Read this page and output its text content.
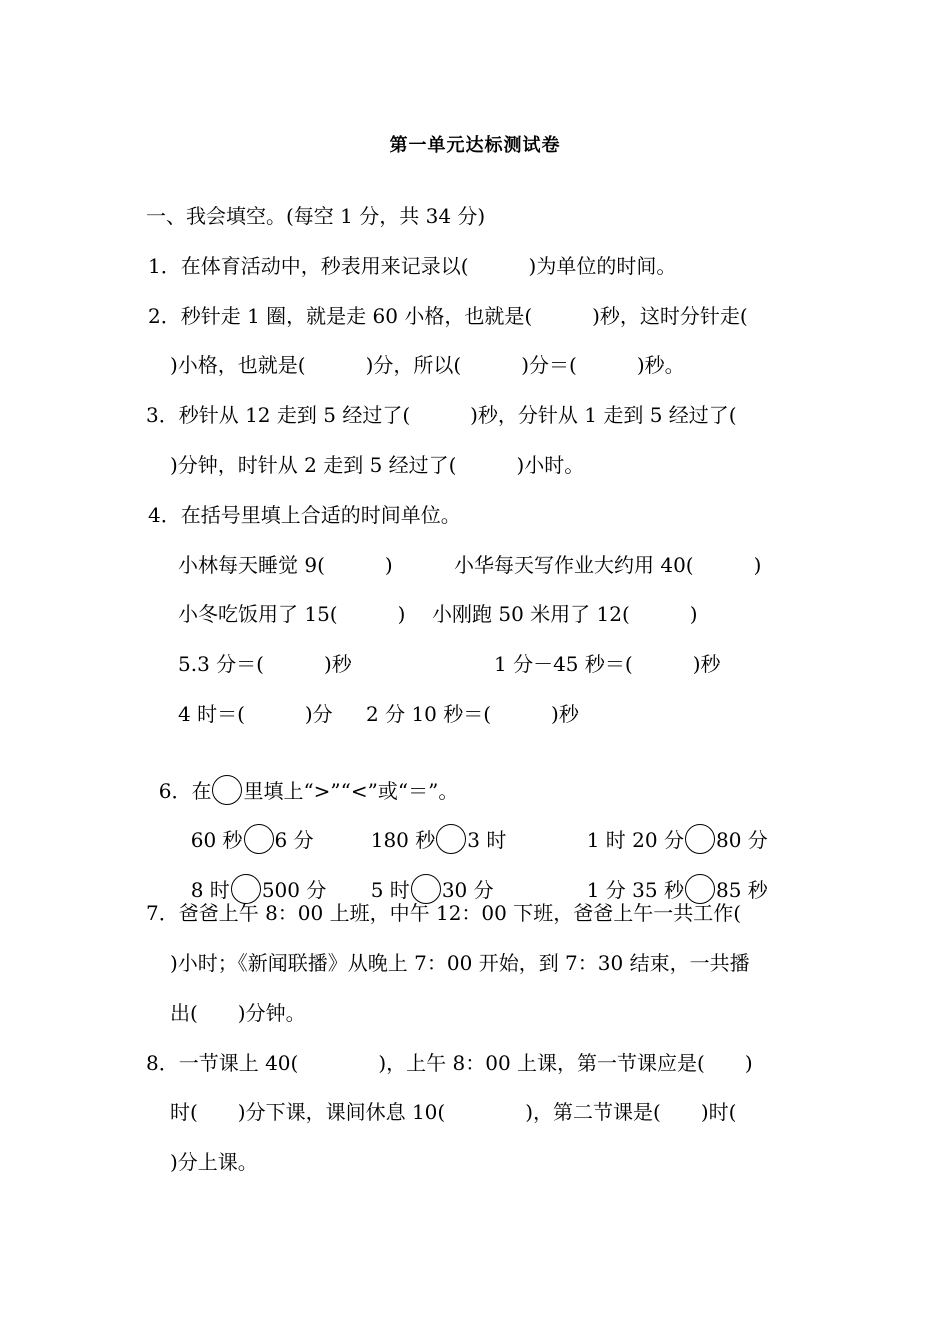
第一单元达标测试卷
一、我会填空。(每空 1 分，共 34 分)
1．在体育活动中，秒表用来记录以(　　　)为单位的时间。
2．秒针走 1 圈，就是走 60 小格，也就是(　　　)秒，这时分针走(
)小格，也就是(　　　)分，所以(　　　)分＝(　　　)秒。
3．秒针从 12 走到 5 经过了(　　　)秒，分针从 1 走到 5 经过了(
)分钟，时针从 2 走到 5 经过了(　　　)小时。
4．在括号里填上合适的时间单位。
小林每天睡觉 9(　　　)	小华每天写作业大约用 40(　　　)
小冬吃饭用了 15(　　　) 小刚跑 50 米用了 12(　　　)
5.3 分＝(　　　)秒	1 分－45 秒＝(　　　)秒
4 时＝(　　　)分 2 分 10 秒＝(　　　)秒

6．在 里填上“>”“<”或“＝”。

60 秒 6 分	180 秒 3 时	1 时 20 分 80 分

8 时 500 分	5 时 30 分	1 分 35 秒 85 秒

7．爸爸上午 8：00 上班，中午 12：00 下班，爸爸上午一共工作(
)小时；《新闻联播》从晚上 7：00 开始，到 7：30 结束，一共播
出(　　)分钟。
8．一节课上 40(　　　　)，上午 8：00 上课，第一节课应是(　　)
时(　　)分下课，课间休息 10(　　　　)，第二节课是(　　)时(
)分上课。
